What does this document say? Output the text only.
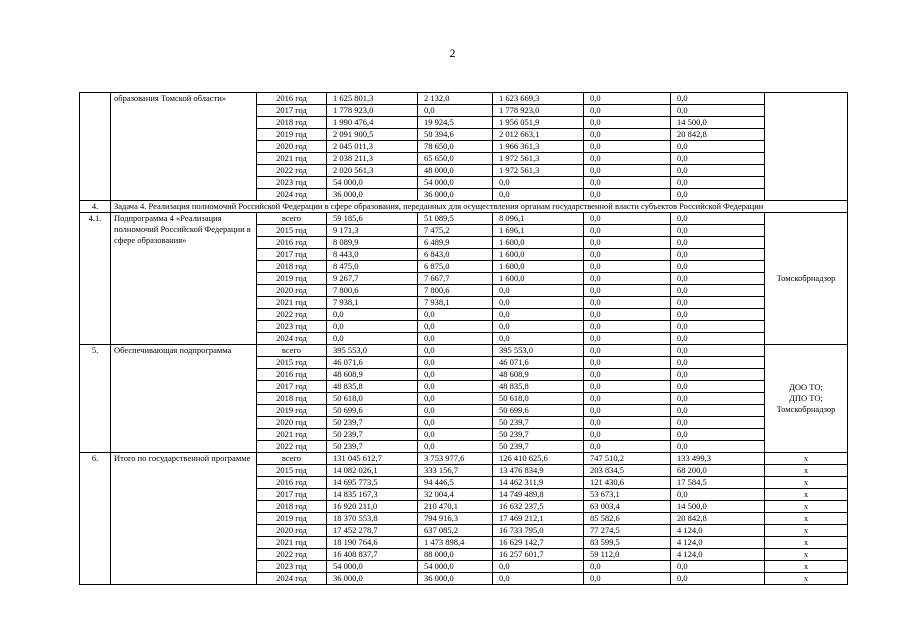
2
	образования Томской области»	2016 год	1 625 801,3	2 132,0	1 623 669,3	0,0	0,0	
		2017 год	1 778 923,0	0,0	1 778 923,0	0,0	0,0	
		2018 год	1 990 476,4	19 924,5	1 956 051,9	0,0	14 500,0	
		2019 год	2 091 900,5	58 394,6	2 012 663,1	0,0	20 842,8	
		2020 год	2 045 011,3	78 650,0	1 966 361,3	0,0	0,0	
		2021 год	2 038 211,3	65 650,0	1 972 561,3	0,0	0,0	
		2022 год	2 020 561,3	48 000,0	1 972 561,3	0,0	0,0	
		2023 год	54 000,0	54 000,0	0,0	0,0	0,0	
		2024 год	36 000,0	36 000,0	0,0	0,0	0,0	
4.	Задача 4. Реализация полномочий Российской Федерации в сфере образования, переданных для осуществления органам государственной власти субъектов Российской Федерации							
4.1.	Подпрограмма 4 «Реализация полномочий Российской Федерации в сфере образования»	всего	59 185,6	51 089,5	8 096,1	0,0	0,0	Томскобрнадзор
		2015 год	9 171,3	7 475,2	1 696,1	0,0	0,0	
		2016 год	8 089,9	6 489,9	1 600,0	0,0	0,0	
		2017 год	8 443,0	6 843,0	1 600,0	0,0	0,0	
		2018 год	8 475,0	6 875,0	1 600,0	0,0	0,0	
		2019 год	9 267,7	7 667,7	1 600,0	0,0	0,0	
		2020 год	7 800,6	7 800,6	0,0	0,0	0,0	
		2021 год	7 938,1	7 938,1	0,0	0,0	0,0	
		2022 год	0,0	0,0	0,0	0,0	0,0	
		2023 год	0,0	0,0	0,0	0,0	0,0	
		2024 год	0,0	0,0	0,0	0,0	0,0	
5.	Обеспечивающая подпрограмма	всего	395 553,0	0,0	395 553,0	0,0	0,0	ДОО ТО;
ДПО ТО;
Томскобрнадзор

		2015 год	46 071,6	0,0	46 071,6	0,0	0,0	
		2016 год	48 608,9	0,0	48 608,9	0,0	0,0	
		2017 год	48 835,8	0,0	48 835,8	0,0	0,0	
		2018 год	50 618,0	0,0	50 618,0	0,0	0,0	
		2019 год	50 699,6	0,0	50 699,6	0,0	0,0	
		2020 год	50 239,7	0,0	50 239,7	0,0	0,0	
		2021 год	50 239,7	0,0	50 239,7	0,0	0,0	
		2022 год	50 239,7	0,0	50 239,7	0,0	0,0	
6.	Итого по государственной программе	всего	131 045 612,7	3 753 977,6	126 410 625,6	747 510,2	133 499,3	x
		2015 год	14 082 026,1	333 156,7	13 476 834,9	203 834,5	68 200,0	x
		2016 год	14 695 773,5	94 446,5	14 462 311,9	121 430,6	17 584,5	x
		2017 год	14 835 167,3	32 004,4	14 749 489,8	53 673,1	0,0	x
		2018 год	16 920 211,0	210 470,1	16 632 237,5	63 003,4	14 500,0	x
		2019 год	18 370 553,8	794 916,3	17 469 212,1	85 582,6	20 842,8	x
		2020 год	17 452 278,7	637 085,2	16 733 795,0	77 274,5	4 124,0	x
		2021 год	18 190 764,6	1 473 898,4	16 629 142,7	83 599,5	4 124,0	x
		2022 год	16 408 837,7	88 000,0	16 257 601,7	59 112,0	4 124,0	x
		2023 год	54 000,0	54 000,0	0,0	0,0	0,0	x
		2024 год	36 000,0	36 000,0	0,0	0,0	0,0	x
